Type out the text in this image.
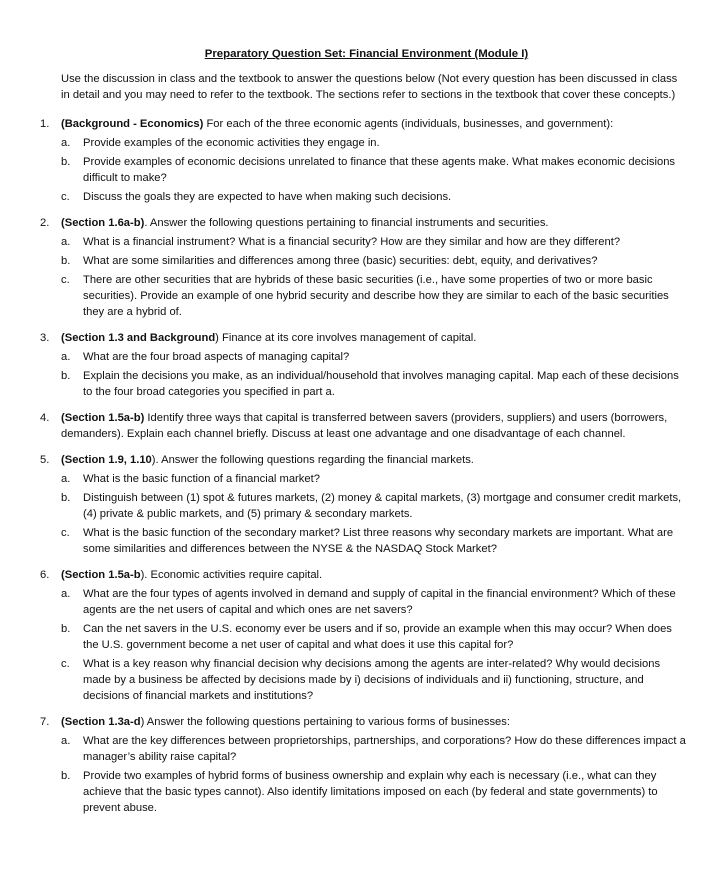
Preparatory Question Set: Financial Environment (Module I)
Use the discussion in class and the textbook to answer the questions below (Not every question has been discussed in class in detail and you may need to refer to the textbook. The sections refer to sections in the textbook that cover these concepts.)
1.	(Background - Economics) For each of the three economic agents (individuals, businesses, and government):
a.	Provide examples of the economic activities they engage in.
b.	Provide examples of economic decisions unrelated to finance that these agents make. What makes economic decisions difficult to make?
c.	Discuss the goals they are expected to have when making such decisions.
2.	(Section 1.6a-b). Answer the following questions pertaining to financial instruments and securities.
a.	What is a financial instrument? What is a financial security? How are they similar and how are they different?
b.	What are some similarities and differences among three (basic) securities: debt, equity, and derivatives?
c.	There are other securities that are hybrids of these basic securities (i.e., have some properties of two or more basic securities). Provide an example of one hybrid security and describe how they are similar to each of the basic securities they are a hybrid of.
3.	(Section 1.3 and Background) Finance at its core involves management of capital.
a.	What are the four broad aspects of managing capital?
b.	Explain the decisions you make, as an individual/household that involves managing capital. Map each of these decisions to the four broad categories you specified in part a.
4.	(Section 1.5a-b) Identify three ways that capital is transferred between savers (providers, suppliers) and users (borrowers, demanders). Explain each channel briefly. Discuss at least one advantage and one disadvantage of each channel.
5.	(Section 1.9, 1.10). Answer the following questions regarding the financial markets.
a.	What is the basic function of a financial market?
b.	Distinguish between (1) spot & futures markets, (2) money & capital markets, (3) mortgage and consumer credit markets, (4) private & public markets, and (5) primary & secondary markets.
c.	What is the basic function of the secondary market? List three reasons why secondary markets are important. What are some similarities and differences between the NYSE & the NASDAQ Stock Market?
6.	(Section 1.5a-b). Economic activities require capital.
a.	What are the four types of agents involved in demand and supply of capital in the financial environment? Which of these agents are the net users of capital and which ones are net savers?
b.	Can the net savers in the U.S. economy ever be users and if so, provide an example when this may occur? When does the U.S. government become a net user of capital and what does it use this capital for?
c.	What is a key reason why financial decision why decisions among the agents are inter-related? Why would decisions made by a business be affected by decisions made by i) decisions of individuals and ii) functioning, structure, and decisions of financial markets and institutions?
7.	(Section 1.3a-d) Answer the following questions pertaining to various forms of businesses:
a.	What are the key differences between proprietorships, partnerships, and corporations? How do these differences impact a manager’s ability raise capital?
b.	Provide two examples of hybrid forms of business ownership and explain why each is necessary (i.e., what can they achieve that the basic types cannot). Also identify limitations imposed on each (by federal and state governments) to prevent abuse.
